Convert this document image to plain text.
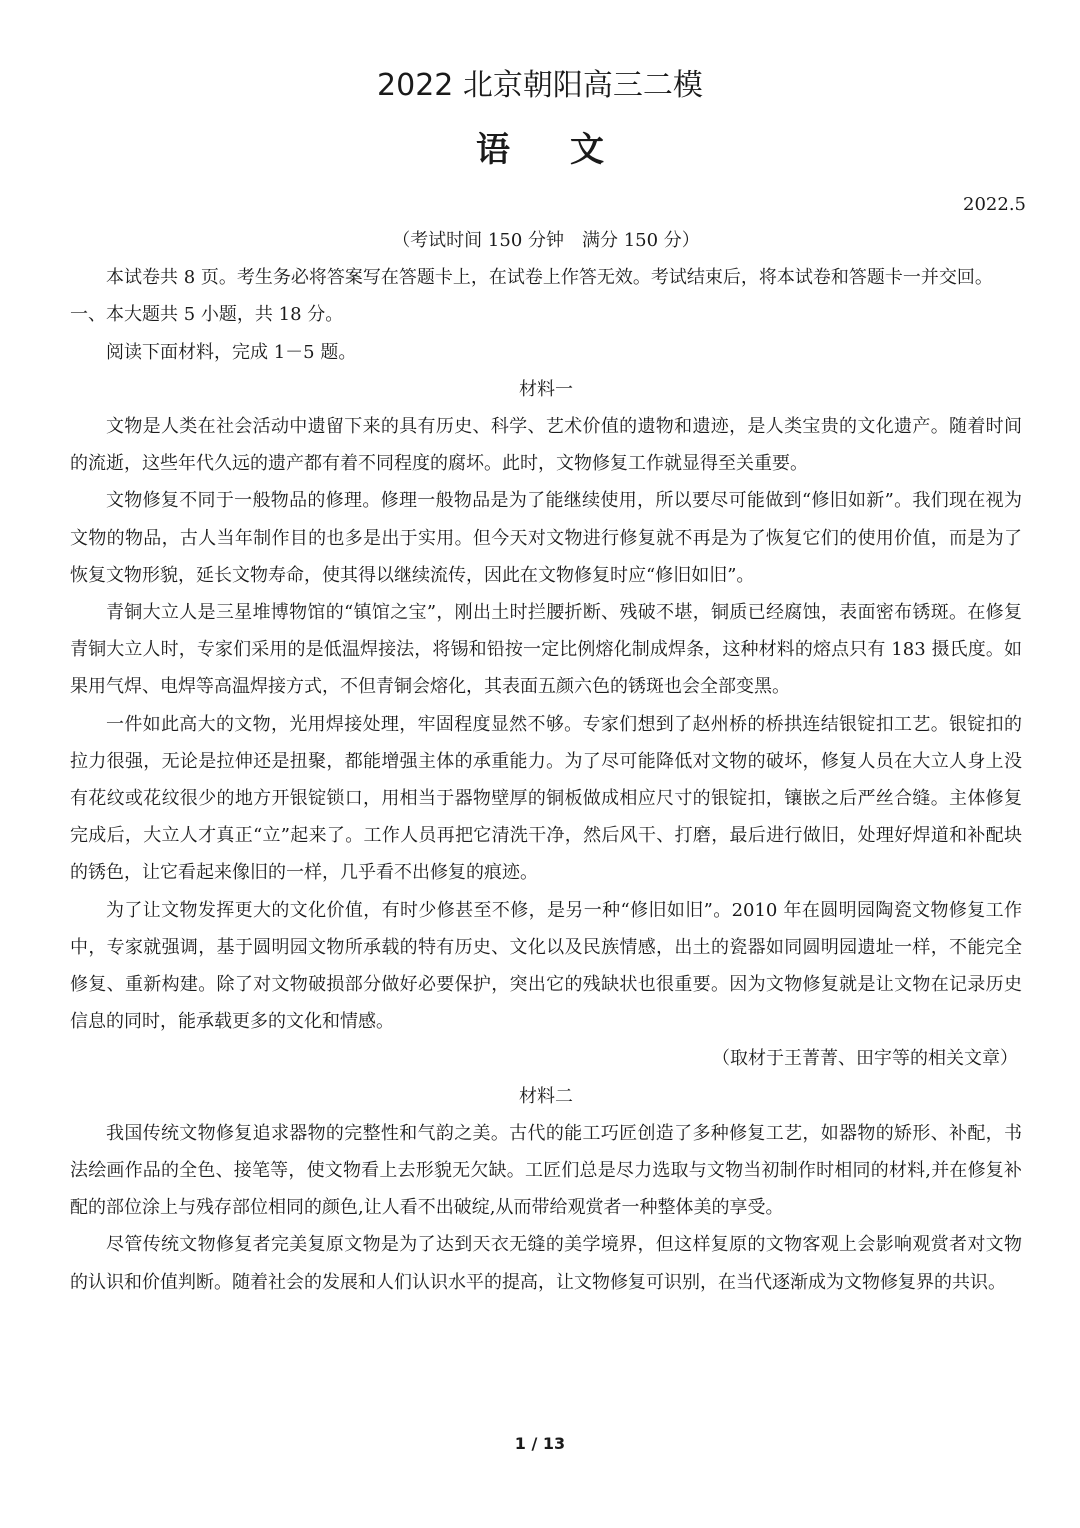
2022 北京朝阳高三二模
语文
2022.5

（考试时间 150 分钟　满分 150 分）

本试卷共 8 页。考生务必将答案写在答题卡上，在试卷上作答无效。考试结束后，将本试卷和答题卡一并交回。

一、本大题共 5 小题，共 18 分。

阅读下面材料，完成 1－5 题。

材料一

文物是人类在社会活动中遗留下来的具有历史、科学、艺术价值的遗物和遗迹，是人类宝贵的文化遗产。随着时间的流逝，这些年代久远的遗产都有着不同程度的腐坏。此时，文物修复工作就显得至关重要。

文物修复不同于一般物品的修理。修理一般物品是为了能继续使用，所以要尽可能做到“修旧如新”。我们现在视为文物的物品，古人当年制作目的也多是出于实用。但今天对文物进行修复就不再是为了恢复它们的使用价值，而是为了恢复文物形貌，延长文物寿命，使其得以继续流传，因此在文物修复时应“修旧如旧”。

青铜大立人是三星堆博物馆的“镇馆之宝”，刚出土时拦腰折断、残破不堪，铜质已经腐蚀，表面密布锈斑。在修复青铜大立人时，专家们采用的是低温焊接法，将锡和铅按一定比例熔化制成焊条，这种材料的熔点只有 183 摄氏度。如果用气焊、电焊等高温焊接方式，不但青铜会熔化，其表面五颜六色的锈斑也会全部变黑。

一件如此高大的文物，光用焊接处理，牢固程度显然不够。专家们想到了赵州桥的桥拱连结银锭扣工艺。银锭扣的拉力很强，无论是拉伸还是扭聚，都能增强主体的承重能力。为了尽可能降低对文物的破坏，修复人员在大立人身上没有花纹或花纹很少的地方开银锭锁口，用相当于器物壁厚的铜板做成相应尺寸的银锭扣，镶嵌之后严丝合缝。主体修复完成后，大立人才真正“立”起来了。工作人员再把它清洗干净，然后风干、打磨，最后进行做旧，处理好焊道和补配块的锈色，让它看起来像旧的一样，几乎看不出修复的痕迹。

为了让文物发挥更大的文化价值，有时少修甚至不修，是另一种“修旧如旧”。2010 年在圆明园陶瓷文物修复工作中，专家就强调，基于圆明园文物所承载的特有历史、文化以及民族情感，出土的瓷器如同圆明园遗址一样，不能完全修复、重新构建。除了对文物破损部分做好必要保护，突出它的残缺状也很重要。因为文物修复就是让文物在记录历史信息的同时，能承载更多的文化和情感。

（取材于王菁菁、田宇等的相关文章）

材料二

我国传统文物修复追求器物的完整性和气韵之美。古代的能工巧匠创造了多种修复工艺，如器物的矫形、补配，书法绘画作品的全色、接笔等，使文物看上去形貌无欠缺。工匠们总是尽力选取与文物当初制作时相同的材料,并在修复补配的部位涂上与残存部位相同的颜色,让人看不出破绽,从而带给观赏者一种整体美的享受。

尽管传统文物修复者完美复原文物是为了达到天衣无缝的美学境界，但这样复原的文物客观上会影响观赏者对文物的认识和价值判断。随着社会的发展和人们认识水平的提高，让文物修复可识别，在当代逐渐成为文物修复界的共识。

1 / 13
